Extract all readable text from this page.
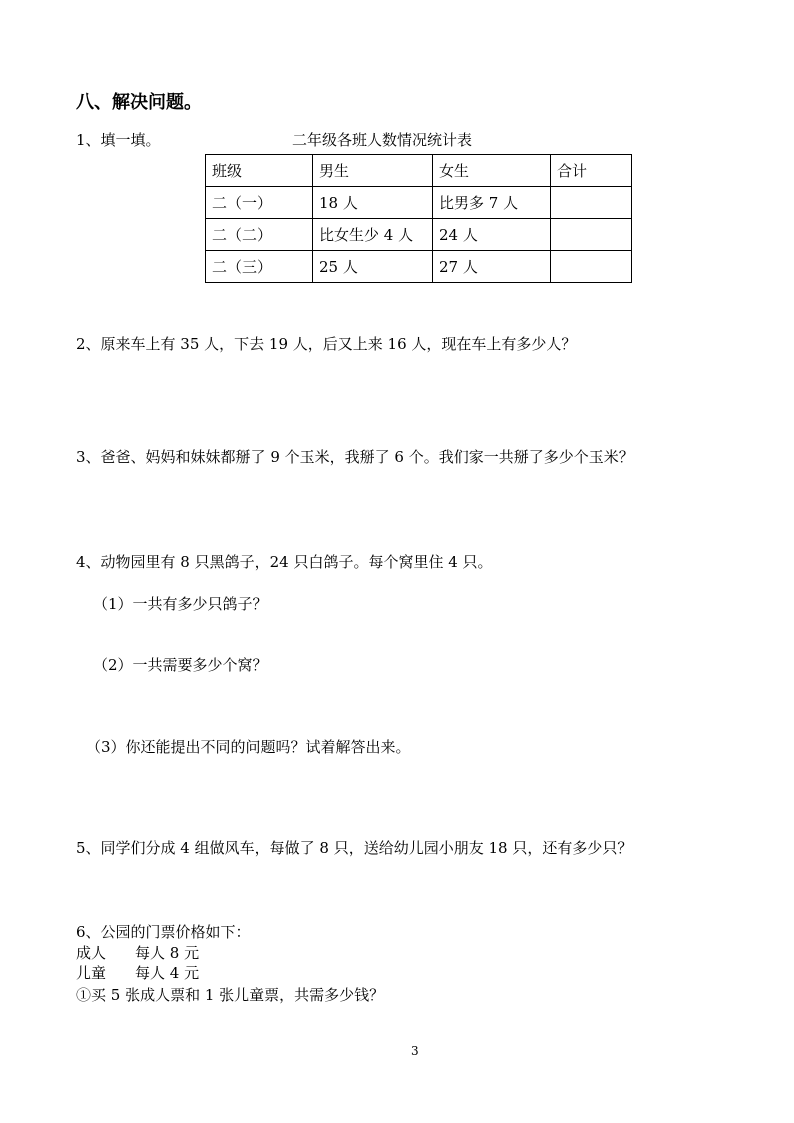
八、解决问题。
1、填一填。	二年级各班人数情况统计表
班级	男生	女生	合计
二（一）	18 人	比男多 7 人	
二（二）	比女生少 4 人	24 人	
二（三）	25 人	27 人	
2、原来车上有 35 人，下去 19 人，后又上来 16 人，现在车上有多少人？
3、爸爸、妈妈和妹妹都掰了 9 个玉米，我掰了 6 个。我们家一共掰了多少个玉米？
4、动物园里有 8 只黑鸽子，24 只白鸽子。每个窝里住 4 只。
（1）一共有多少只鸽子？
（2）一共需要多少个窝？
（3）你还能提出不同的问题吗？试着解答出来。
5、同学们分成 4 组做风车，每做了 8 只，送给幼儿园小朋友 18 只，还有多少只？
6、公园的门票价格如下：
成人 每人 8 元
儿童 每人 4 元
①买 5 张成人票和 1 张儿童票，共需多少钱？
3
